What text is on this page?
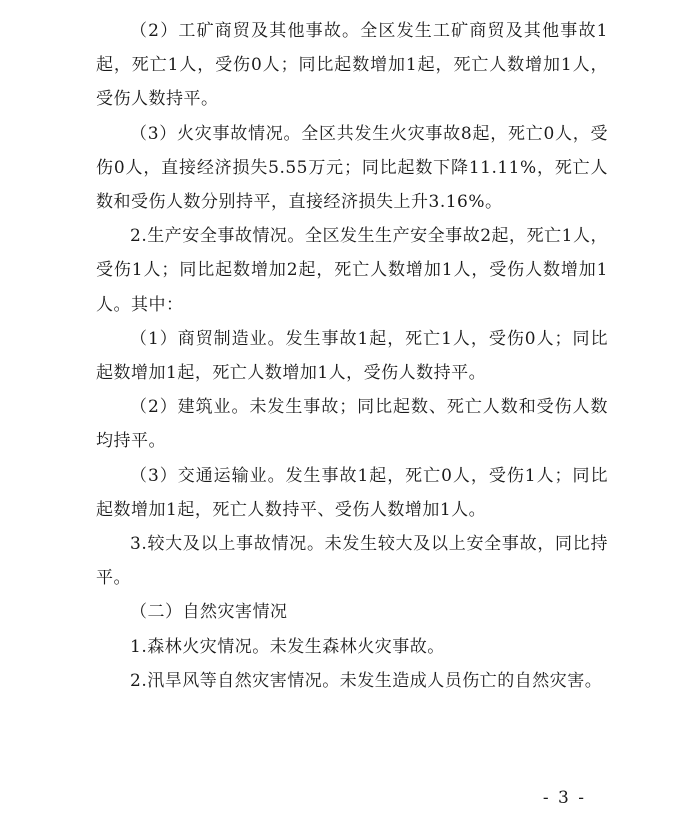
（2）工矿商贸及其他事故。全区发生工矿商贸及其他事故1起，死亡1人，受伤0人；同比起数增加1起，死亡人数增加1人，受伤人数持平。

（3）火灾事故情况。全区共发生火灾事故8起，死亡0人，受伤0人，直接经济损失5.55万元；同比起数下降11.11%，死亡人数和受伤人数分别持平，直接经济损失上升3.16%。

2.生产安全事故情况。全区发生生产安全事故2起，死亡1人，受伤1人；同比起数增加2起，死亡人数增加1人，受伤人数增加1人。其中：

（1）商贸制造业。发生事故1起，死亡1人，受伤0人；同比起数增加1起，死亡人数增加1人，受伤人数持平。

（2）建筑业。未发生事故；同比起数、死亡人数和受伤人数均持平。

（3）交通运输业。发生事故1起，死亡0人，受伤1人；同比起数增加1起，死亡人数持平、受伤人数增加1人。

3.较大及以上事故情况。未发生较大及以上安全事故，同比持平。

（二）自然灾害情况

1.森林火灾情况。未发生森林火灾事故。

2.汛旱风等自然灾害情况。未发生造成人员伤亡的自然灾害。

- 3 -
